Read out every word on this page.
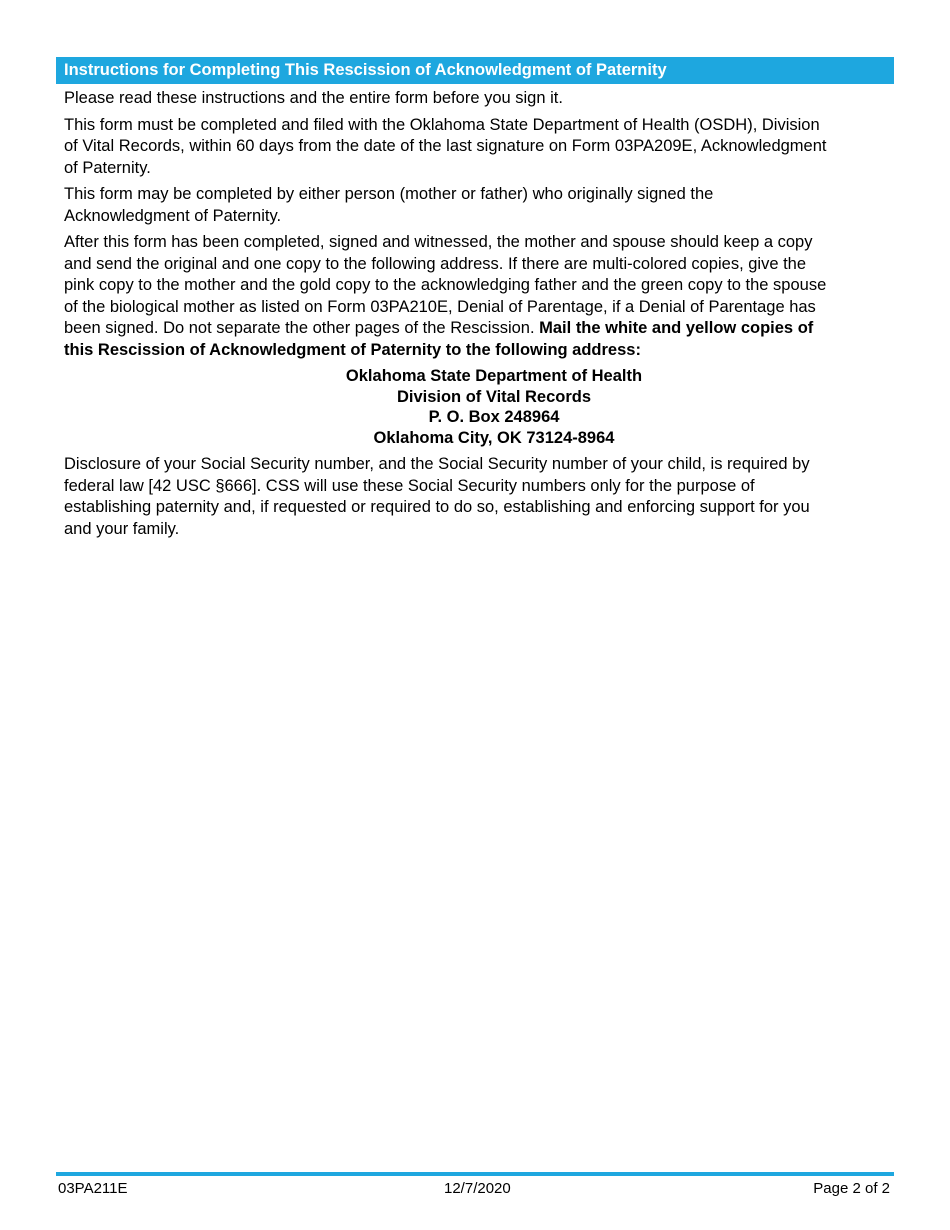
Instructions for Completing This Rescission of Acknowledgment of Paternity
Please read these instructions and the entire form before you sign it.
This form must be completed and filed with the Oklahoma State Department of Health (OSDH), Division
of Vital Records, within 60 days from the date of the last signature on Form 03PA209E, Acknowledgment
of Paternity.
This form may be completed by either person (mother or father) who originally signed the
Acknowledgment of Paternity.
After this form has been completed, signed and witnessed, the mother and spouse should keep a copy
and send the original and one copy to the following address. If there are multi-colored copies, give the
pink copy to the mother and the gold copy to the acknowledging father and the green copy to the spouse
of the biological mother as listed on Form 03PA210E, Denial of Parentage, if a Denial of Parentage has
been signed. Do not separate the other pages of the Rescission. Mail the white and yellow copies of
this Rescission of Acknowledgment of Paternity to the following address:
Oklahoma State Department of Health
Division of Vital Records
P. O. Box 248964
Oklahoma City, OK 73124-8964
Disclosure of your Social Security number, and the Social Security number of your child, is required by
federal law [42 USC §666]. CSS will use these Social Security numbers only for the purpose of
establishing paternity and, if requested or required to do so, establishing and enforcing support for you
and your family.
03PA211E	12/7/2020	Page 2 of 2
